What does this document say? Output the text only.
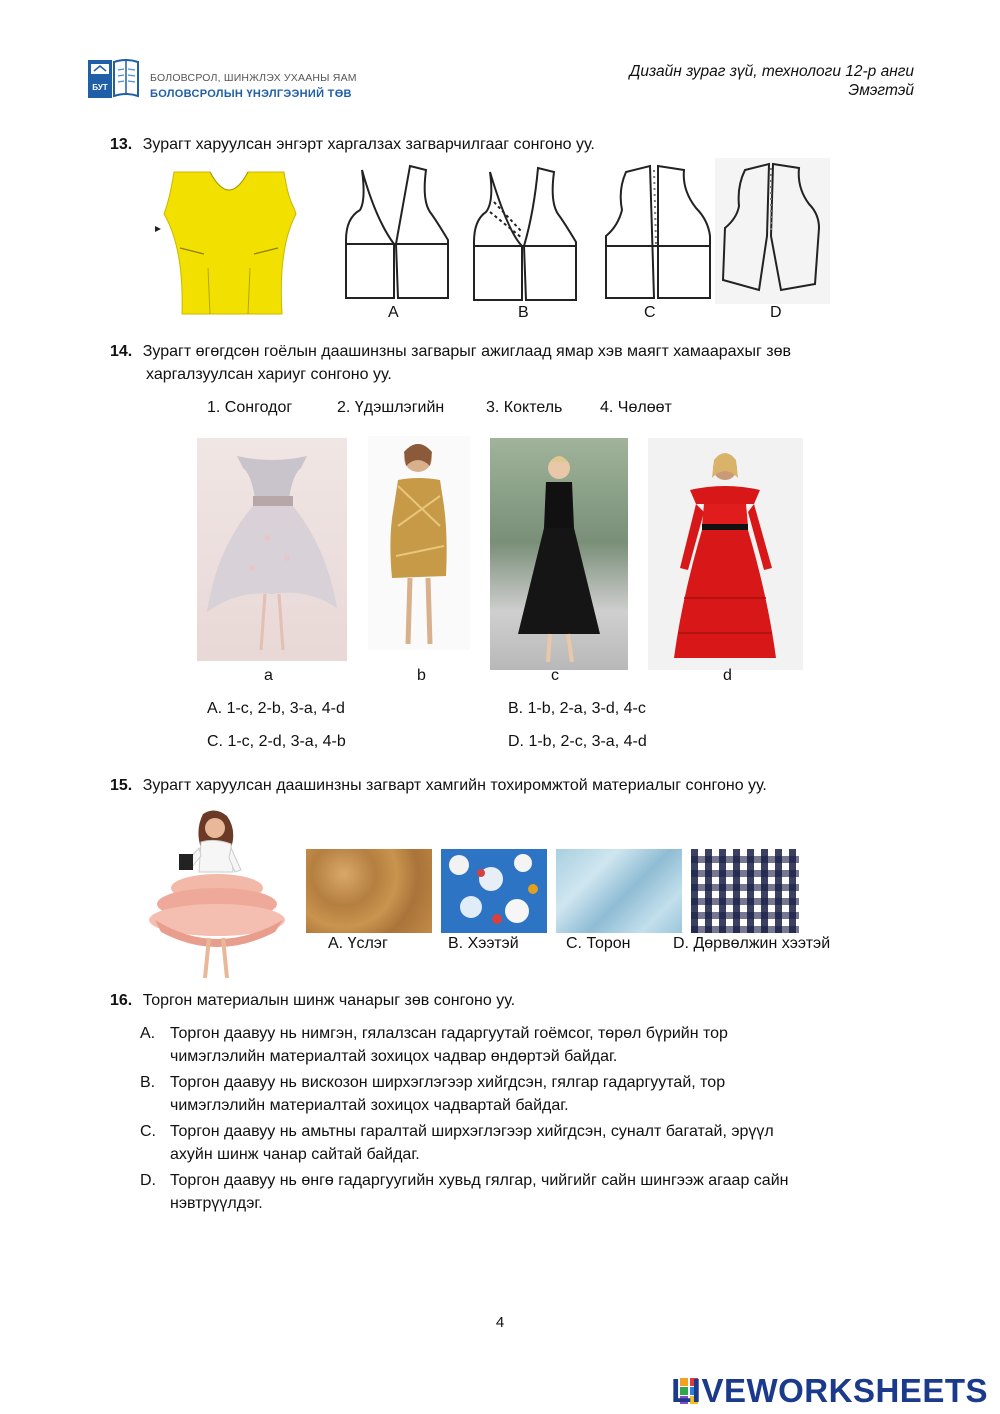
БУТ
БОЛОВСРОЛ, ШИНЖЛЭХ УХААНЫ ЯАМ
БОЛОВСРОЛЫН ҮНЭЛГЭЭНИЙ ТӨВ
Дизайн зураг зүй, технологи 12-р анги
Эмэгтэй
13. Зурагт харуулсан энгэрт харгалзах загварчилгааг сонгоно уу.
A	B	C	D
14. Зурагт өгөгдсөн гоёлын даашинзны загварыг ажиглаад ямар хэв маягт хамаарахыг зөв
харгалзуулсан хариуг сонгоно уу.
1. Сонгодог	2. Үдэшлэгийн	3. Коктель 4. Чөлөөт
a	b	c	d
A. 1-c, 2-b, 3-a, 4-d	B. 1-b, 2-a, 3-d, 4-c
C. 1-c, 2-d, 3-a, 4-b	D. 1-b, 2-c, 3-a, 4-d
15. Зурагт харуулсан даашинзны загварт хамгийн тохиромжтой материалыг сонгоно уу.
A. Үслэг	B. Хээтэй	C. Торон	D. Дөрвөлжин хээтэй
16. Торгон материалын шинж чанарыг зөв сонгоно уу.
A. Торгон даавуу нь нимгэн, гялалзсан гадаргуутай гоёмсог, төрөл бүрийн тор

чимэглэлийн материалтай зохицох чадвар өндөртэй байдаг.
B. Торгон даавуу нь вискозон ширхэглэгээр хийгдсэн, гялгар гадаргуутай, тор

чимэглэлийн материалтай зохицох чадвартай байдаг.
C. Торгон даавуу нь амьтны гаралтай ширхэглэгээр хийгдсэн, суналт багатай, эрүүл

ахуйн шинж чанар сайтай байдаг.
D. Торгон даавуу нь өнгө гадаргуугийн хувьд гялгар, чийгийг сайн шингээж агаар сайн

нэвтрүүлдэг.
4
LIVEWORKSHEETS
